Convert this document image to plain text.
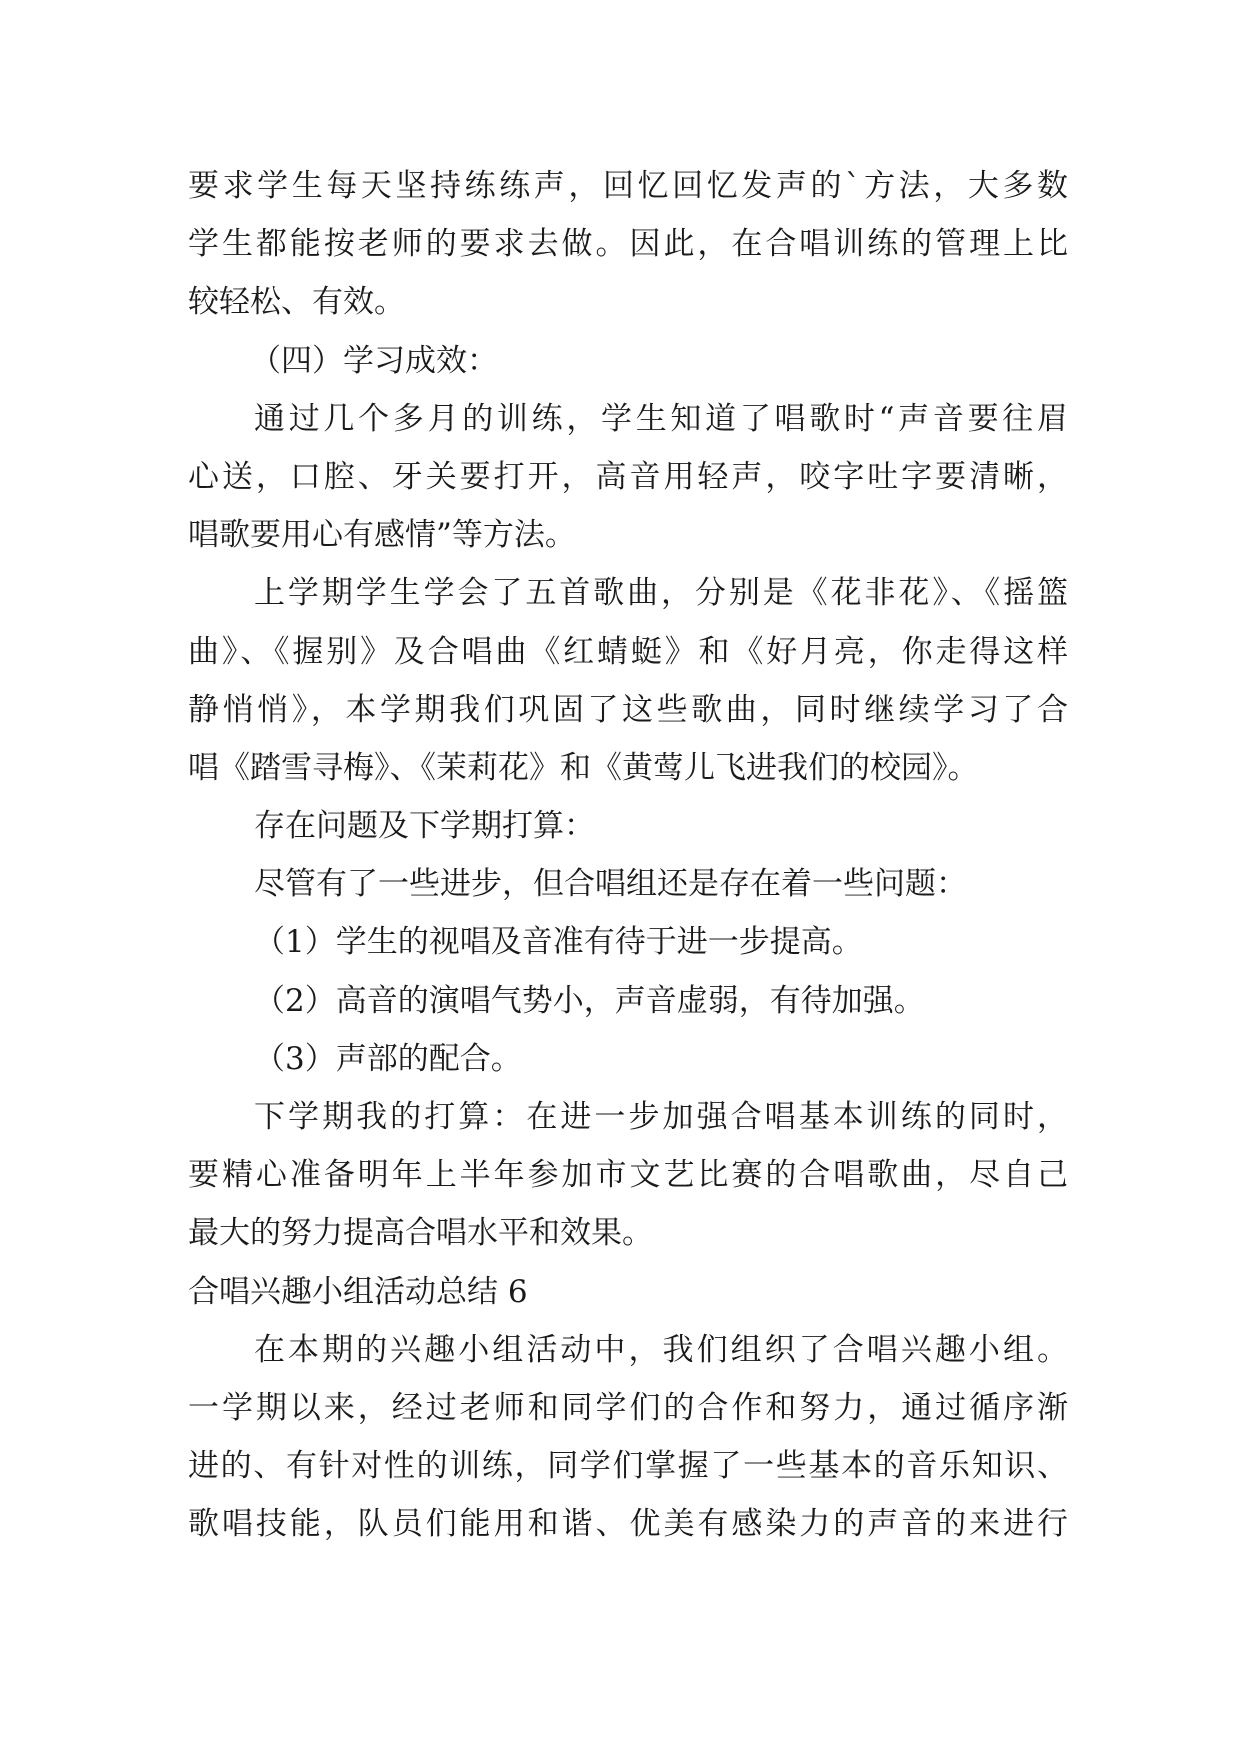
要求学生每天坚持练练声，回忆回忆发声的`方法，大多数
学生都能按老师的要求去做。因此，在合唱训练的管理上比
较轻松、有效。
（四）学习成效：
通过几个多月的训练，学生知道了唱歌时“声音要往眉
心送，口腔、牙关要打开，高音用轻声，咬字吐字要清晰，
唱歌要用心有感情”等方法。
上学期学生学会了五首歌曲，分别是《花非花》、《摇篮
曲》、《握别》及合唱曲《红蜻蜓》和《好月亮，你走得这样
静悄悄》，本学期我们巩固了这些歌曲，同时继续学习了合
唱《踏雪寻梅》、《茉莉花》和《黄莺儿飞进我们的校园》。
存在问题及下学期打算：
尽管有了一些进步，但合唱组还是存在着一些问题：
（1）学生的视唱及音准有待于进一步提高。
（2）高音的演唱气势小，声音虚弱，有待加强。
（3）声部的配合。
下学期我的打算：在进一步加强合唱基本训练的同时，
要精心准备明年上半年参加市文艺比赛的合唱歌曲，尽自己
最大的努力提高合唱水平和效果。
合唱兴趣小组活动总结 6
在本期的兴趣小组活动中，我们组织了合唱兴趣小组。
一学期以来，经过老师和同学们的合作和努力，通过循序渐
进的、有针对性的训练，同学们掌握了一些基本的音乐知识、
歌唱技能，队员们能用和谐、优美有感染力的声音的来进行
